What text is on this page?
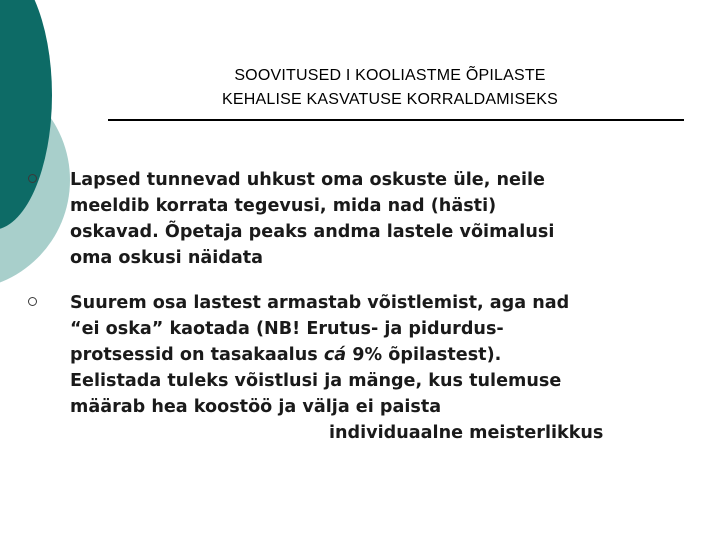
SOOVITUSED I KOOLIASTME ÕPILASTE
KEHALISE KASVATUSE KORRALDAMISEKS
Lapsed tunnevad uhkust oma oskuste üle, neile
meeldib korrata tegevusi, mida nad (hästi)
oskavad. Õpetaja peaks andma lastele võimalusi
oma oskusi näidata
Suurem osa lastest armastab võistlemist, aga nad
“ei oska” kaotada (NB! Erutus- ja pidurdus-
protsessid on tasakaalus cá 9% õpilastest).
Eelistada tuleks võistlusi ja mänge, kus tulemuse
määrab hea koostöö ja välja ei paista
individuaalne meisterlikkus
